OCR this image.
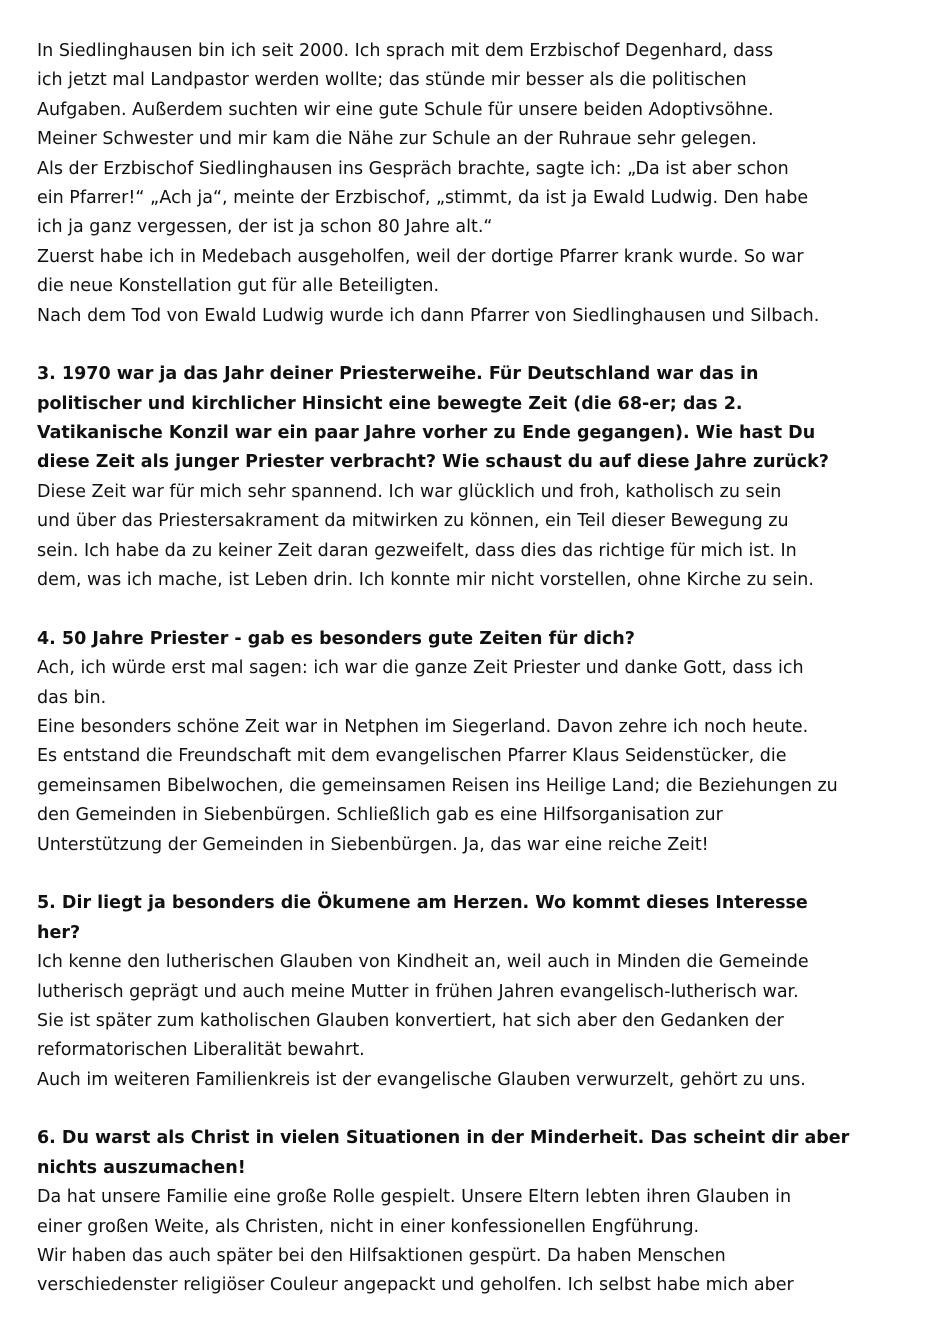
In Siedlinghausen bin ich seit 2000. Ich sprach mit dem Erzbischof Degenhard, dass
ich jetzt mal Landpastor werden wollte; das stünde mir besser als die politischen
Aufgaben. Außerdem suchten wir eine gute Schule für unsere beiden Adoptivsöhne.
Meiner Schwester und mir kam die Nähe zur Schule an der Ruhraue sehr gelegen.
Als der Erzbischof Siedlinghausen ins Gespräch brachte, sagte ich: „Da ist aber schon
ein Pfarrer!“ „Ach ja“, meinte der Erzbischof, „stimmt, da ist ja Ewald Ludwig. Den habe
ich ja ganz vergessen, der ist ja schon 80 Jahre alt.“
Zuerst habe ich in Medebach ausgeholfen, weil der dortige Pfarrer krank wurde. So war
die neue Konstellation gut für alle Beteiligten.
Nach dem Tod von Ewald Ludwig wurde ich dann Pfarrer von Siedlinghausen und Silbach.
3. 1970 war ja das Jahr deiner Priesterweihe. Für Deutschland war das in
politischer und kirchlicher Hinsicht eine bewegte Zeit (die 68-er; das 2.
Vatikanische Konzil war ein paar Jahre vorher zu Ende gegangen). Wie hast Du
diese Zeit als junger Priester verbracht? Wie schaust du auf diese Jahre zurück?
Diese Zeit war für mich sehr spannend. Ich war glücklich und froh, katholisch zu sein
und über das Priestersakrament da mitwirken zu können, ein Teil dieser Bewegung zu
sein. Ich habe da zu keiner Zeit daran gezweifelt, dass dies das richtige für mich ist. In
dem, was ich mache, ist Leben drin. Ich konnte mir nicht vorstellen, ohne Kirche zu sein.
4. 50 Jahre Priester - gab es besonders gute Zeiten für dich?
Ach, ich würde erst mal sagen: ich war die ganze Zeit Priester und danke Gott, dass ich
das bin.
Eine besonders schöne Zeit war in Netphen im Siegerland. Davon zehre ich noch heute.
Es entstand die Freundschaft mit dem evangelischen Pfarrer Klaus Seidenstücker, die
gemeinsamen Bibelwochen, die gemeinsamen Reisen ins Heilige Land; die Beziehungen zu
den Gemeinden in Siebenbürgen. Schließlich gab es eine Hilfsorganisation zur
Unterstützung der Gemeinden in Siebenbürgen. Ja, das war eine reiche Zeit!
5. Dir liegt ja besonders die Ökumene am Herzen. Wo kommt dieses Interesse
her?
Ich kenne den lutherischen Glauben von Kindheit an, weil auch in Minden die Gemeinde
lutherisch geprägt und auch meine Mutter in frühen Jahren evangelisch-lutherisch war.
Sie ist später zum katholischen Glauben konvertiert, hat sich aber den Gedanken der
reformatorischen Liberalität bewahrt.
Auch im weiteren Familienkreis ist der evangelische Glauben verwurzelt, gehört zu uns.
6. Du warst als Christ in vielen Situationen in der Minderheit. Das scheint dir aber
nichts auszumachen!
Da hat unsere Familie eine große Rolle gespielt. Unsere Eltern lebten ihren Glauben in
einer großen Weite, als Christen, nicht in einer konfessionellen Engführung.
Wir haben das auch später bei den Hilfsaktionen gespürt. Da haben Menschen
verschiedenster religiöser Couleur angepackt und geholfen. Ich selbst habe mich aber
